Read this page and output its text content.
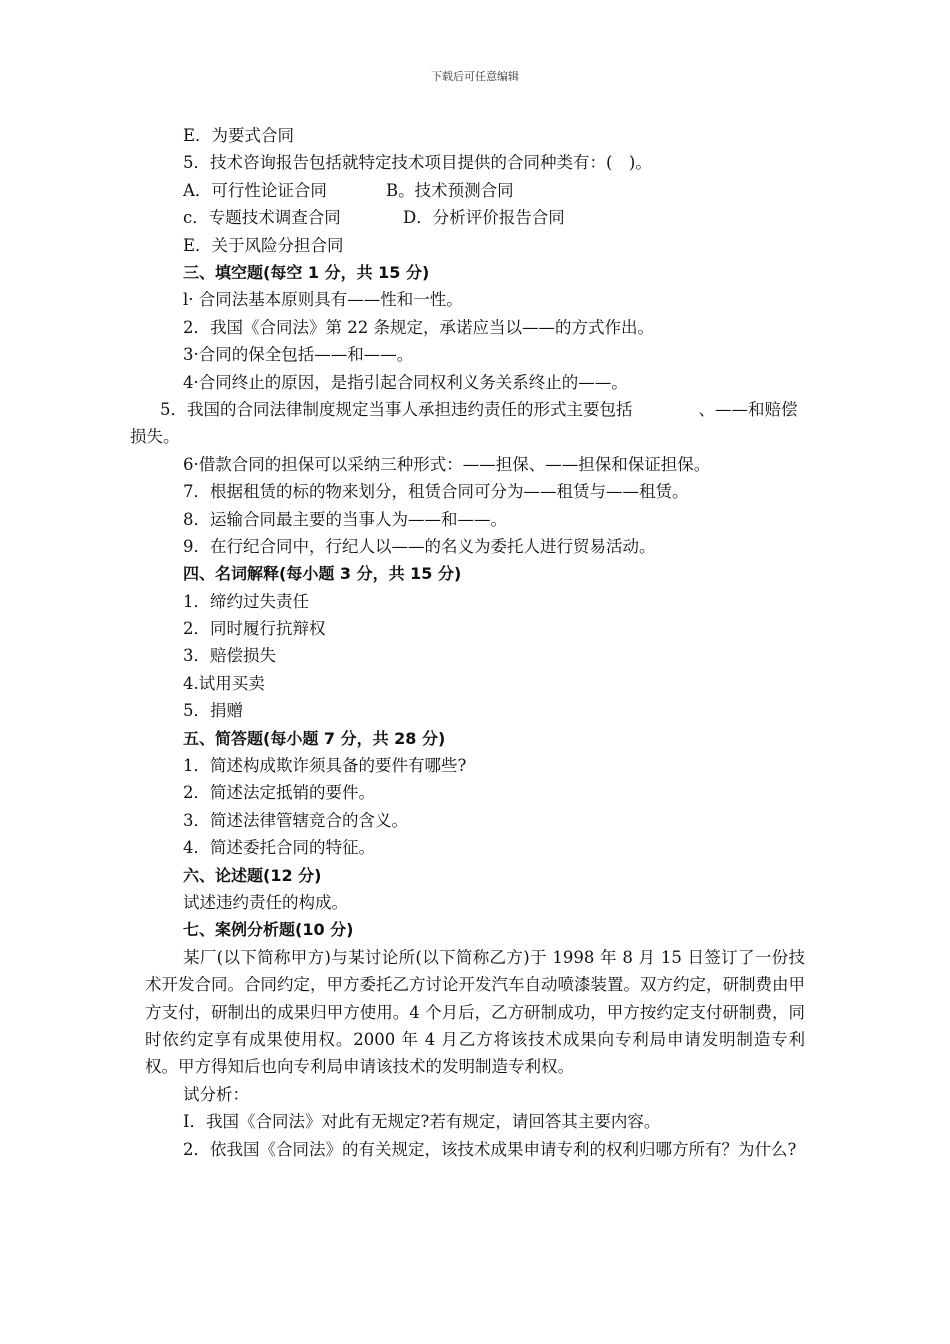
下载后可任意编辑
E．为要式合同
5．技术咨询报告包括就特定技术项目提供的合同种类有：(　)。
A．可行性论证合同	B。技术预测合同
c．专题技术调查合同	D．分析评价报告合同
E．关于风险分担合同
三、填空题(每空 1 分，共 15 分)
l· 合同法基本原则具有——性和一性。
2．我国《合同法》第 22 条规定，承诺应当以——的方式作出。
3·合同的保全包括——和——。
4·合同终止的原因，是指引起合同权利义务关系终止的——。
5．我国的合同法律制度规定当事人承担违约责任的形式主要包括　　　　、——和赔偿损失。
6·借款合同的担保可以采纳三种形式：——担保、——担保和保证担保。
7．根据租赁的标的物来划分，租赁合同可分为——租赁与——租赁。
8．运输合同最主要的当事人为——和——。
9．在行纪合同中，行纪人以——的名义为委托人进行贸易活动。
四、名词解释(每小题 3 分，共 15 分)
1．缔约过失责任
2．同时履行抗辩权
3．赔偿损失
4.试用买卖
5．捐赠
五、简答题(每小题 7 分，共 28 分)
1．简述构成欺诈须具备的要件有哪些?
2．简述法定抵销的要件。
3．简述法律管辖竞合的含义。
4．简述委托合同的特征。
六、论述题(12 分)
试述违约责任的构成。
七、案例分析题(10 分)
某厂(以下简称甲方)与某讨论所(以下简称乙方)于 1998 年 8 月 15 日签订了一份技术开发合同。合同约定，甲方委托乙方讨论开发汽车自动喷漆装置。双方约定，研制费由甲方支付，研制出的成果归甲方使用。4 个月后，乙方研制成功，甲方按约定支付研制费，同时依约定享有成果使用权。2000 年 4 月乙方将该技术成果向专利局申请发明制造专利权。甲方得知后也向专利局申请该技术的发明制造专利权。
试分析：
I．我国《合同法》对此有无规定?若有规定，请回答其主要内容。
2．依我国《合同法》的有关规定，该技术成果申请专利的权利归哪方所有？为什么?
